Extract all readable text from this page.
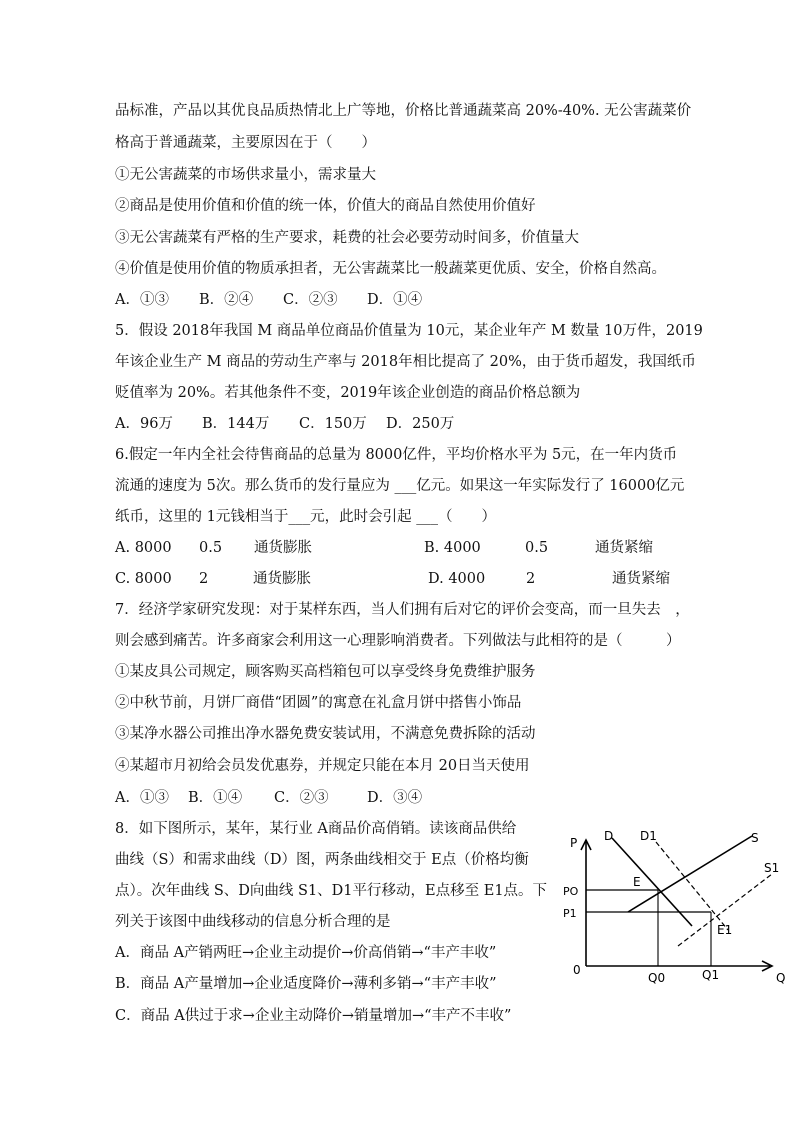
品标准，产品以其优良品质热情北上广等地，价格比普通蔬菜高 20%-40%. 无公害蔬菜价
格高于普通蔬菜，主要原因在于（　　）
①无公害蔬菜的市场供求量小，需求量大
②商品是使用价值和价值的统一体，价值大的商品自然使用价值好
③无公害蔬菜有严格的生产要求，耗费的社会必要劳动时间多，价值量大
④价值是使用价值的物质承担者，无公害蔬菜比一般蔬菜更优质、安全，价格自然高。
A．①③ B．②④ C．②③ D．①④
5．假设 2018年我国 M 商品单位商品价值量为 10元，某企业年产 M 数量 10万件，2019
年该企业生产 M 商品的劳动生产率与 2018年相比提高了 20%，由于货币超发，我国纸币
贬值率为 20%。若其他条件不变，2019年该企业创造的商品价格总额为
A．96万 B．144万 C．150万 D．250万
6.假定一年内全社会待售商品的总量为 8000亿件，平均价格水平为 5元，在一年内货币
流通的速度为 5次。那么货币的发行量应为 ___亿元。如果这一年实际发行了 16000亿元
纸币，这里的 1元钱相当于___元，此时会引起 ___（　　）
A. 8000 0.5 通货膨胀	B. 4000	0.5	通货紧缩
C. 8000 2	通货膨胀	D. 4000	2	通货紧缩
7．经济学家研究发现：对于某样东西，当人们拥有后对它的评价会变高，而一旦失去　，
则会感到痛苦。许多商家会利用这一心理影响消费者。下列做法与此相符的是（　　　）
①某皮具公司规定，顾客购买高档箱包可以享受终身免费维护服务
②中秋节前，月饼厂商借“团圆”的寓意在礼盒月饼中搭售小饰品
③某净水器公司推出净水器免费安装试用，不满意免费拆除的活动
④某超市月初给会员发优惠券，并规定只能在本月 20日当天使用
A．①③ B．①④ C．②③	D．③④
8．如下图所示，某年，某行业 A商品价高俏销。读该商品供给
曲线（S）和需求曲线（D）图，两条曲线相交于 E点（价格均衡
点）。次年曲线 S、D向曲线 S1、D1平行移动，E点移至 E1点。下
列关于该图中曲线移动的信息分析合理的是
A．商品 A产销两旺→企业主动提价→价高俏销→“丰产丰收”
B．商品 A产量增加→企业适度降价→薄利多销→“丰产丰收”
C．商品 A供过于求→企业主动降价→销量增加→“丰产不丰收”
P
Q
0
D D1	S
S1
E
E1
PO
P1
Q0	Q1
